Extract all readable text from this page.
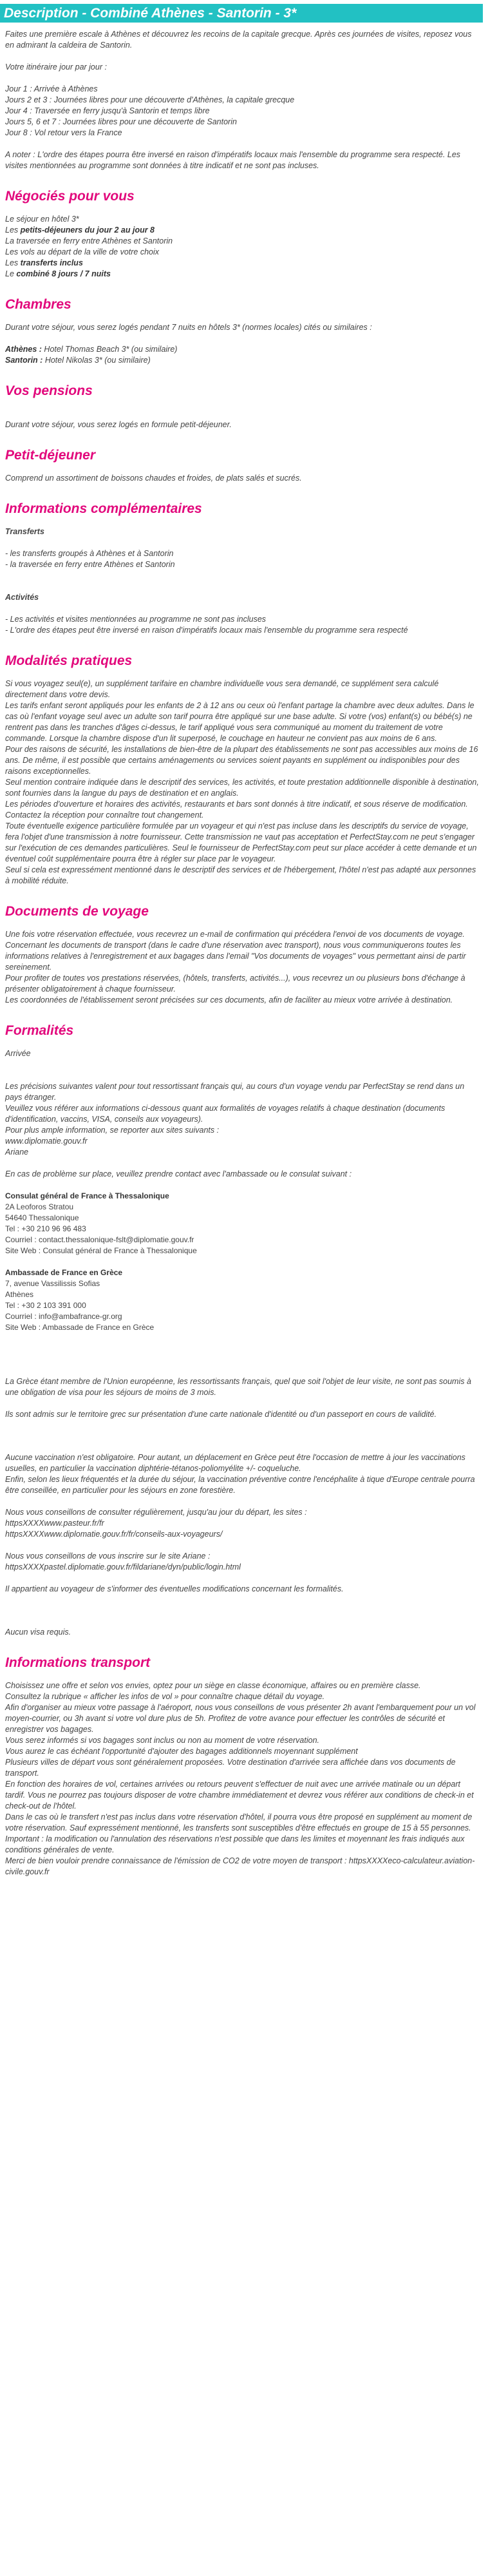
Description - Combiné Athènes - Santorin - 3*

Faites une première escale à Athènes et découvrez les recoins de la capitale grecque. Après ces journées de visites, reposez vous en admirant la caldeira de Santorin.

Votre itinéraire jour par jour :

Jour 1 : Arrivée à Athènes
Jours 2 et 3 : Journées libres pour une découverte d'Athènes, la capitale grecque
Jour 4 : Traversée en ferry jusqu'à Santorin et temps libre
Jours 5, 6 et 7 : Journées libres pour une découverte de Santorin
Jour 8 : Vol retour vers la France

A noter : L'ordre des étapes pourra être inversé en raison d'impératifs locaux mais l'ensemble du programme sera respecté. Les visites mentionnées au programme sont données à titre indicatif et ne sont pas incluses.

Négociés pour vous
Le séjour en hôtel 3*
Les petits-déjeuners du jour 2 au jour 8
La traversée en ferry entre Athènes et Santorin
Les vols au départ de la ville de votre choix
Les transferts inclus
Le combiné 8 jours / 7 nuits
Chambres

Durant votre séjour, vous serez logés pendant 7 nuits en hôtels 3* (normes locales) cités ou similaires :

Athènes : Hotel Thomas Beach 3* (ou similaire)
Santorin : Hotel Nikolas 3* (ou similaire)
Vos pensions

Durant votre séjour, vous serez logés en formule petit-déjeuner.

Petit-déjeuner

Comprend un assortiment de boissons chaudes et froides, de plats salés et sucrés.

Informations complémentaires
Transferts
- les transferts groupés à Athènes et à Santorin
- la traversée en ferry entre Athènes et Santorin
Activités
- Les activités et visites mentionnées au programme ne sont pas incluses
- L'ordre des étapes peut être inversé en raison d'impératifs locaux mais l'ensemble du programme sera respecté
Modalités pratiques

Si vous voyagez seul(e), un supplément tarifaire en chambre individuelle vous sera demandé, ce supplément sera calculé directement dans votre devis.

Les tarifs enfant seront appliqués pour les enfants de 2 à 12 ans ou ceux où l'enfant partage la chambre avec deux adultes. Dans le cas où l'enfant voyage seul avec un adulte son tarif pourra être appliqué sur une base adulte. Si votre (vos) enfant(s) ou bébé(s) ne rentrent pas dans les tranches d'âges ci-dessus, le tarif appliqué vous sera communiqué au moment du traitement de votre commande. Lorsque la chambre dispose d'un lit superposé, le couchage en hauteur ne convient pas aux moins de 6 ans.

Pour des raisons de sécurité, les installations de bien-être de la plupart des établissements ne sont pas accessibles aux moins de 16 ans. De même, il est possible que certains aménagements ou services soient payants en supplément ou indisponibles pour des raisons exceptionnelles.

Seul mention contraire indiquée dans le descriptif des services, les activités, et toute prestation additionnelle disponible à destination, sont fournies dans la langue du pays de destination et en anglais.

Les périodes d'ouverture et horaires des activités, restaurants et bars sont donnés à titre indicatif, et sous réserve de modification. Contactez la réception pour connaître tout changement.

Toute éventuelle exigence particulière formulée par un voyageur et qui n'est pas incluse dans les descriptifs du service de voyage, fera l'objet d'une transmission à notre fournisseur. Cette transmission ne vaut pas acceptation et PerfectStay.com ne peut s'engager sur l'exécution de ces demandes particulières. Seul le fournisseur de PerfectStay.com peut sur place accéder à cette demande et un éventuel coût supplémentaire pourra être à régler sur place par le voyageur.

Seul si cela est expressément mentionné dans le descriptif des services et de l'hébergement, l'hôtel n'est pas adapté aux personnes à mobilité réduite.

Documents de voyage

Une fois votre réservation effectuée, vous recevrez un e-mail de confirmation qui précédera l'envoi de vos documents de voyage.

Concernant les documents de transport (dans le cadre d'une réservation avec transport), nous vous communiquerons toutes les informations relatives à l'enregistrement et aux bagages dans l'email "Vos documents de voyages" vous permettant ainsi de partir sereinement.

Pour profiter de toutes vos prestations réservées, (hôtels, transferts, activités...), vous recevrez un ou plusieurs bons d'échange à présenter obligatoirement à chaque fournisseur.

Les coordonnées de l'établissement seront précisées sur ces documents, afin de faciliter au mieux votre arrivée à destination.

Formalités

Arrivée

Les précisions suivantes valent pour tout ressortissant français qui, au cours d'un voyage vendu par PerfectStay se rend dans un pays étranger.

Veuillez vous référer aux informations ci-dessous quant aux formalités de voyages relatifs à chaque destination (documents d'identification, vaccins, VISA, conseils aux voyageurs).

Pour plus ample information, se reporter aux sites suivants :

www.diplomatie.gouv.fr

Ariane

En cas de problème sur place, veuillez prendre contact avec l'ambassade ou le consulat suivant :

Consulat général de France à Thessalonique
2A Leoforos Stratou
54640 Thessalonique
Tel : +30 210 96 96 483
Courriel : contact.thessalonique-fslt@diplomatie.gouv.fr
Site Web : Consulat général de France à Thessalonique
Ambassade de France en Grèce
7, avenue Vassilissis Sofias
Athènes
Tel : +30 2 103 391 000
Courriel : info@ambafrance-gr.org
Site Web : Ambassade de France en Grèce

La Grèce étant membre de l'Union européenne, les ressortissants français, quel que soit l'objet de leur visite, ne sont pas soumis à une obligation de visa pour les séjours de moins de 3 mois.

Ils sont admis sur le territoire grec sur présentation d'une carte nationale d'identité ou d'un passeport en cours de validité.

Aucune vaccination n'est obligatoire. Pour autant, un déplacement en Grèce peut être l'occasion de mettre à jour les vaccinations usuelles, en particulier la vaccination diphtérie-tétanos-poliomyélite +/- coqueluche.

Enfin, selon les lieux fréquentés et la durée du séjour, la vaccination préventive contre l'encéphalite à tique d'Europe centrale pourra être conseillée, en particulier pour les séjours en zone forestière.

Nous vous conseillons de consulter régulièrement, jusqu'au jour du départ, les sites :

httpsXXXXwww.pasteur.fr/fr

httpsXXXXwww.diplomatie.gouv.fr/fr/conseils-aux-voyageurs/

Nous vous conseillons de vous inscrire sur le site Ariane :

httpsXXXXpastel.diplomatie.gouv.fr/fildariane/dyn/public/login.html

Il appartient au voyageur de s'informer des éventuelles modifications concernant les formalités.

Aucun visa requis.

Informations transport

Choisissez une offre et selon vos envies, optez pour un siège en classe économique, affaires ou en première classe.

Consultez la rubrique « afficher les infos de vol » pour connaître chaque détail du voyage.

Afin d'organiser au mieux votre passage à l'aéroport, nous vous conseillons de vous présenter 2h avant l'embarquement pour un vol moyen-courrier, ou 3h avant si votre vol dure plus de 5h. Profitez de votre avance pour effectuer les contrôles de sécurité et enregistrer vos bagages.

Vous serez informés si vos bagages sont inclus ou non au moment de votre réservation.

Vous aurez le cas échéant l'opportunité d'ajouter des bagages additionnels moyennant supplément

Plusieurs villes de départ vous sont généralement proposées. Votre destination d'arrivée sera affichée dans vos documents de transport.

En fonction des horaires de vol, certaines arrivées ou retours peuvent s'effectuer de nuit avec une arrivée matinale ou un départ tardif. Vous ne pourrez pas toujours disposer de votre chambre immédiatement et devrez vous référer aux conditions de check-in et check-out de l'hôtel.

Dans le cas où le transfert n'est pas inclus dans votre réservation d'hôtel, il pourra vous être proposé en supplément au moment de votre réservation. Sauf expressément mentionné, les transferts sont susceptibles d'être effectués en groupe de 15 à 55 personnes.

Important : la modification ou l'annulation des réservations n'est possible que dans les limites et moyennant les frais indiqués aux conditions générales de vente.

Merci de bien vouloir prendre connaissance de l'émission de CO2 de votre moyen de transport : httpsXXXXeco-calculateur.aviation-civile.gouv.fr
